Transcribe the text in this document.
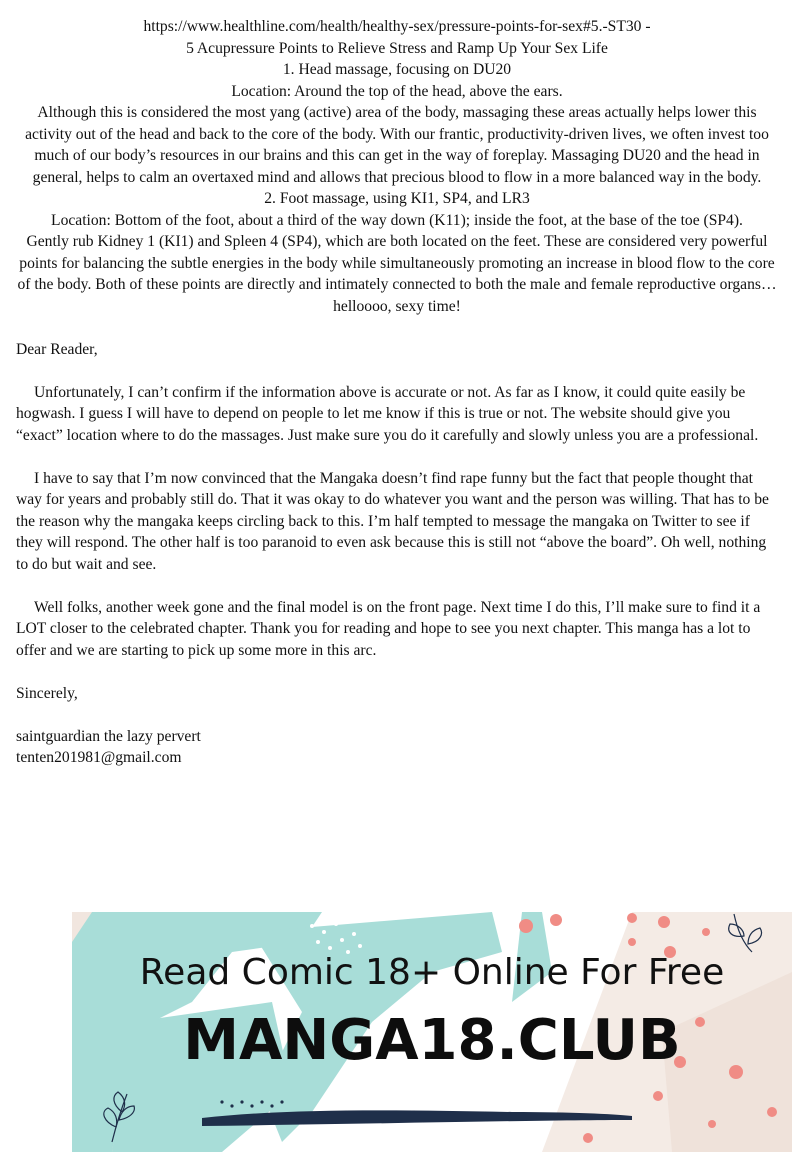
https://www.healthline.com/health/healthy-sex/pressure-points-for-sex#5.-ST30 -

5 Acupressure Points to Relieve Stress and Ramp Up Your Sex Life

1. Head massage, focusing on DU20

Location: Around the top of the head, above the ears.

Although this is considered the most yang (active) area of the body, massaging these areas actually helps lower this activity out of the head and back to the core of the body. With our frantic, productivity-driven lives, we often invest too much of our body’s resources in our brains and this can get in the way of foreplay. Massaging DU20 and the head in general, helps to calm an overtaxed mind and allows that precious blood to flow in a more balanced way in the body.

2. Foot massage, using KI1, SP4, and LR3

Location: Bottom of the foot, about a third of the way down (K11); inside the foot, at the base of the toe (SP4).

Gently rub Kidney 1 (KI1) and Spleen 4 (SP4), which are both located on the feet. These are considered very powerful points for balancing the subtle energies in the body while simultaneously promoting an increase in blood flow to the core of the body. Both of these points are directly and intimately connected to both the male and female reproductive organs… helloooo, sexy time!

Dear Reader,

Unfortunately, I can’t confirm if the information above is accurate or not. As far as I know, it could quite easily be hogwash. I guess I will have to depend on people to let me know if this is true or not. The website should give you “exact” location where to do the massages. Just make sure you do it carefully and slowly unless you are a professional.

I have to say that I’m now convinced that the Mangaka doesn’t find rape funny but the fact that people thought that way for years and probably still do. That it was okay to do whatever you want and the person was willing. That has to be the reason why the mangaka keeps circling back to this. I’m half tempted to message the mangaka on Twitter to see if they will respond. The other half is too paranoid to even ask because this is still not “above the board”. Oh well, nothing to do but wait and see.

Well folks, another week gone and the final model is on the front page. Next time I do this, I’ll make sure to find it a LOT closer to the celebrated chapter. Thank you for reading and hope to see you next chapter. This manga has a lot to offer and we are starting to pick up some more in this arc.

Sincerely,

saintguardian the lazy pervert

tenten201981@gmail.com

Read Comic 18+ Online For Free
MANGA18.CLUB
